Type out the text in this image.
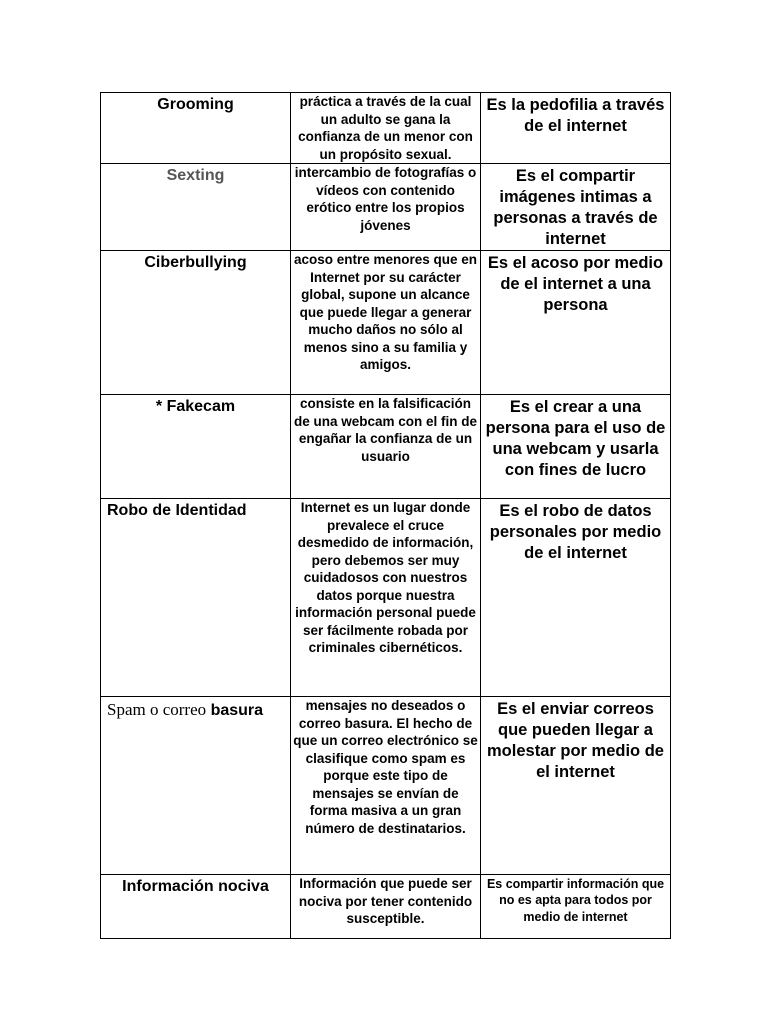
Grooming	práctica a través de la cual un adulto se gana la confianza de un menor con un propósito sexual.	Es la pedofilia a través de el internet
Sexting	intercambio de fotografías o vídeos con contenido erótico entre los propios jóvenes	Es el compartir imágenes intimas a personas a través de internet
Ciberbullying	acoso entre menores que en Internet por su carácter global, supone un alcance que puede llegar a generar mucho daños no sólo al menos sino a su familia y amigos.	Es el acoso por medio de el internet a una persona
* Fakecam	consiste en la falsificación de una webcam con el fin de engañar la confianza de un usuario	Es el crear a una persona para el uso de una webcam y usarla con fines de lucro
Robo de Identidad	Internet es un lugar donde prevalece el cruce desmedido de información, pero debemos ser muy cuidadosos con nuestros datos porque nuestra información personal puede ser fácilmente robada por criminales cibernéticos.	Es el robo de datos personales por medio de el internet
Spam o correo basura	mensajes no deseados o correo basura. El hecho de que un correo electrónico se clasifique como spam es porque este tipo de mensajes se envían de forma masiva a un gran número de destinatarios.	Es el enviar correos que pueden llegar a molestar por medio de el internet
Información nociva	Información que puede ser nociva por tener contenido susceptible.	Es compartir información que no es apta para todos por medio de internet
